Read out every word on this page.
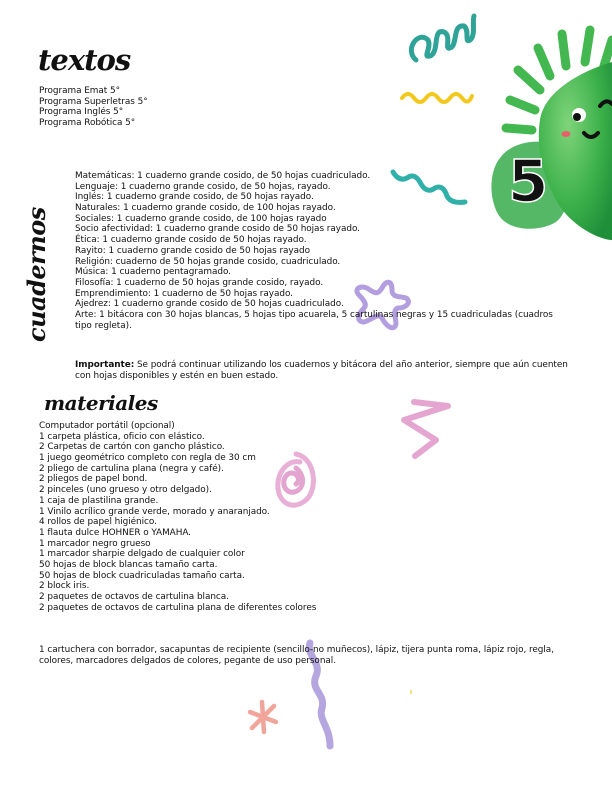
5
textos
Programa Emat 5°
Programa Superletras 5°
Programa Inglés 5°
Programa Robótica 5°
cuadernos
Matemáticas: 1 cuaderno grande cosido, de 50 hojas cuadriculado.
Lenguaje: 1 cuaderno grande cosido, de 50 hojas, rayado.
Inglés: 1 cuaderno grande cosido, de 50 hojas rayado.
Naturales: 1 cuaderno grande cosido, de 100 hojas rayado.
Sociales: 1 cuaderno grande cosido, de 100 hojas rayado
Socio afectividad: 1 cuaderno grande cosido de 50 hojas rayado.
Ética: 1 cuaderno grande cosido de 50 hojas rayado.
Rayito: 1 cuaderno grande cosido de 50 hojas rayado
Religión: cuaderno de 50 hojas grande cosido, cuadriculado.
Música: 1 cuaderno pentagramado.
Filosofía: 1 cuaderno de 50 hojas grande cosido, rayado.
Emprendimiento: 1 cuaderno de 50 hojas rayado.
Ajedrez: 1 cuaderno grande cosido de 50 hojas cuadriculado.
Arte: 1 bitácora con 30 hojas blancas, 5 hojas tipo acuarela, 5 cartulinas negras y 15 cuadriculadas (cuadros
tipo regleta).
Importante: Se podrá continuar utilizando los cuadernos y bitácora del año anterior, siempre que aún cuenten
con hojas disponibles y estén en buen estado.
materiales
Computador portátil (opcional)
1 carpeta plástica, oficio con elástico.
2 Carpetas de cartón con gancho plástico.
1 juego geométrico completo con regla de 30 cm
2 pliego de cartulina plana (negra y café).
2 pliegos de papel bond.
2 pinceles (uno grueso y otro delgado).
1 caja de plastilina grande.
1 Vinilo acrílico grande verde, morado y anaranjado.
4 rollos de papel higiénico.
1 flauta dulce HOHNER o YAMAHA.
1 marcador negro grueso
1 marcador sharpie delgado de cualquier color
50 hojas de block blancas tamaño carta.
50 hojas de block cuadriculadas tamaño carta.
2 block iris.
2 paquetes de octavos de cartulina blanca.
2 paquetes de octavos de cartulina plana de diferentes colores
1 cartuchera con borrador, sacapuntas de recipiente (sencillo-no muñecos), lápiz, tijera punta roma, lápiz rojo, regla,
colores, marcadores delgados de colores, pegante de uso personal.
